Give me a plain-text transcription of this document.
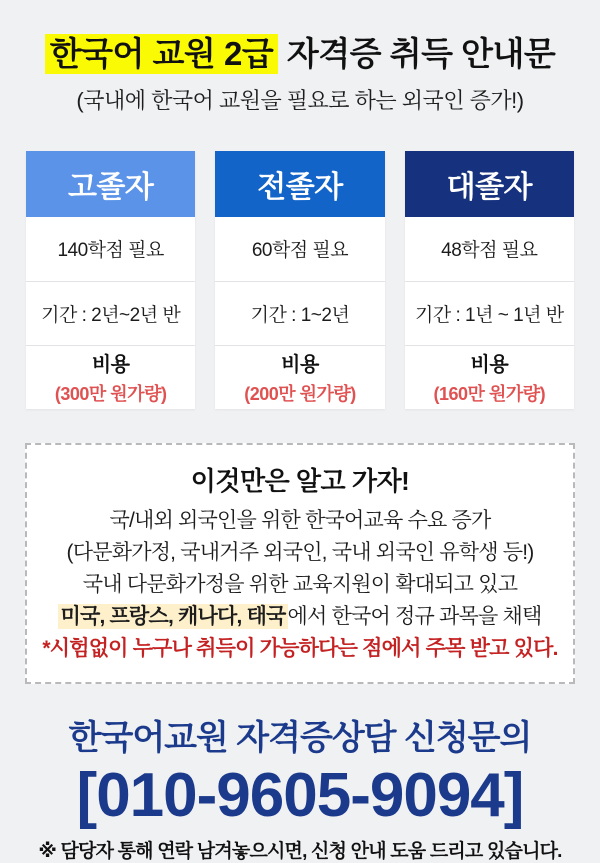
한국어 교원 2급 자격증 취득 안내문
(국내에 한국어 교원을 필요로 하는 외국인 증가!)
고졸자
140학점 필요
기간 : 2년~2년 반
비용
(300만 원가량)
전졸자
60학점 필요
기간 : 1~2년
비용
(200만 원가량)
대졸자
48학점 필요
기간 : 1년 ~ 1년 반
비용
(160만 원가량)
이것만은 알고 가자!
국/내외 외국인을 위한 한국어교육 수요 증가
(다문화가정, 국내거주 외국인, 국내 외국인 유학생 등!)
국내 다문화가정을 위한 교육지원이 확대되고 있고
미국, 프랑스, 캐나다, 태국에서 한국어 정규 과목을 채택
*시험없이 누구나 취득이 가능하다는 점에서 주목 받고 있다.
한국어교원 자격증상담 신청문의
[010-9605-9094]
※ 담당자 통해 연락 남겨놓으시면, 신청 안내 도움 드리고 있습니다.
